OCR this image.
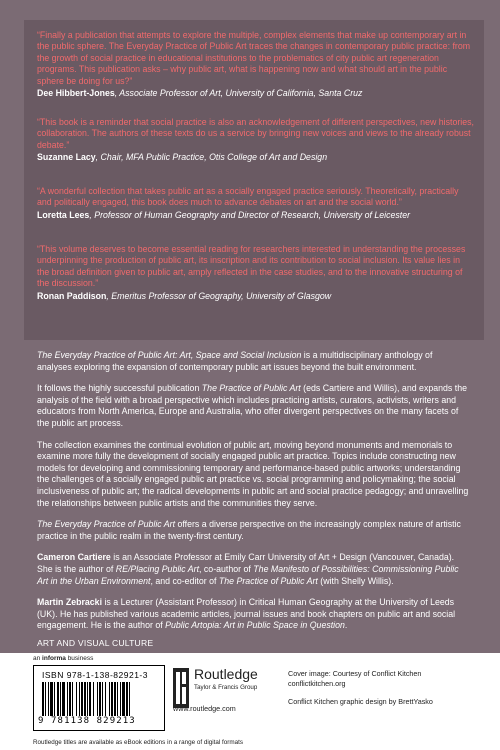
“Finally a publication that attempts to explore the multiple, complex elements that make up contemporary art in the public sphere. The Everyday Practice of Public Art traces the changes in contemporary public practice: from the growth of social practice in educational institutions to the problematics of city public art regeneration programs. This publication asks – why public art, what is happening now and what should art in the public sphere be doing for us?”

Dee Hibbert-Jones, Associate Professor of Art, University of California, Santa Cruz

“This book is a reminder that social practice is also an acknowledgement of different perspectives, new histories, collaboration. The authors of these texts do us a service by bringing new voices and views to the already robust debate.”

Suzanne Lacy, Chair, MFA Public Practice, Otis College of Art and Design

“A wonderful collection that takes public art as a socially engaged practice seriously. Theoretically, practically and politically engaged, this book does much to advance debates on art and the social world.”

Loretta Lees, Professor of Human Geography and Director of Research, University of Leicester

“This volume deserves to become essential reading for researchers interested in understanding the processes underpinning the production of public art, its inscription and its contribution to social inclusion. Its value lies in the broad definition given to public art, amply reflected in the case studies, and to the innovative structuring of the discussion.”

Ronan Paddison, Emeritus Professor of Geography, University of Glasgow

The Everyday Practice of Public Art: Art, Space and Social Inclusion is a multidisciplinary anthology of analyses exploring the expansion of contemporary public art issues beyond the built environment.

It follows the highly successful publication The Practice of Public Art (eds Cartiere and Willis), and expands the analysis of the field with a broad perspective which includes practicing artists, curators, activists, writers and educators from North America, Europe and Australia, who offer divergent perspectives on the many facets of the public art process.

The collection examines the continual evolution of public art, moving beyond monuments and memorials to examine more fully the development of socially engaged public art practice. Topics include constructing new models for developing and commissioning temporary and performance-based public artworks; understanding the challenges of a socially engaged public art practice vs. social programming and policymaking; the social inclusiveness of public art; the radical developments in public art and social practice pedagogy; and unravelling the relationships between public artists and the communities they serve.

The Everyday Practice of Public Art offers a diverse perspective on the increasingly complex nature of artistic practice in the public realm in the twenty-first century.

Cameron Cartiere is an Associate Professor at Emily Carr University of Art + Design (Vancouver, Canada). She is the author of RE/Placing Public Art, co-author of The Manifesto of Possibilities: Commissioning Public Art in the Urban Environment, and co-editor of The Practice of Public Art (with Shelly Willis).

Martin Zebracki is a Lecturer (Assistant Professor) in Critical Human Geography at the University of Leeds (UK). He has published various academic articles, journal issues and book chapters on public art and social engagement. He is the author of Public Artopia: Art in Public Space in Question.

ART AND VISUAL CULTURE
an informa business
ISBN 978-1-138-82921-3
9 781138 829213
Routledge
Taylor & Francis Group
www.routledge.com
Cover image: Courtesy of Conflict Kitchen
conflictkitchen.org
Conflict Kitchen graphic design by BrettYasko
Routledge titles are available as eBook editions in a range of digital formats
